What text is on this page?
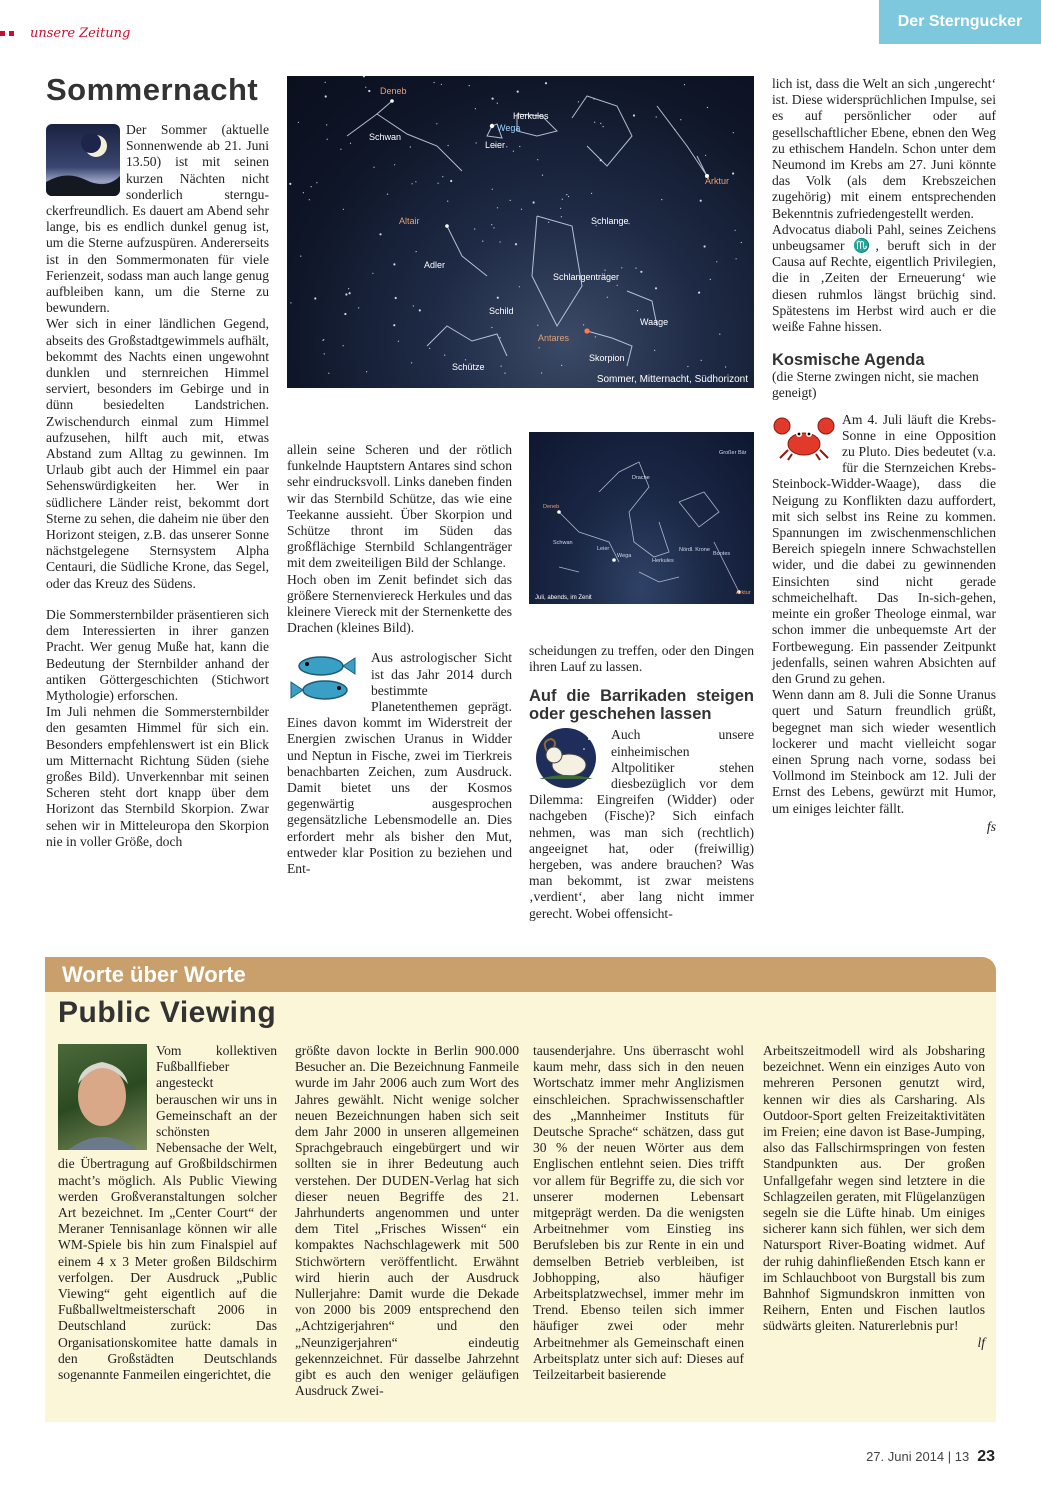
unsere Zeitung
Der Sterngucker
Sommernacht

Der Sommer (aktuelle Sonnenwende ab 21. Juni 13.50) ist mit seinen kurzen Nächten nicht sonderlich sternguckerfreundlich. Es dauert am Abend sehr lange, bis es endlich dunkel genug ist, um die Sterne aufzuspüren. Andererseits ist in den Sommermonaten für viele Ferienzeit, sodass man auch lange genug aufbleiben kann, um die Sterne zu bewundern.

Wer sich in einer ländlichen Gegend, abseits des Großstadtgewimmels aufhält, bekommt des Nachts einen ungewohnt dunklen und sternreichen Himmel serviert, besonders im Gebirge und in dünn besiedelten Landstrichen. Zwischendurch einmal zum Himmel aufzusehen, hilft auch mit, etwas Abstand zum Alltag zu gewinnen. Im Urlaub gibt auch der Himmel ein paar Sehenswürdigkeiten her. Wer in südlichere Länder reist, bekommt dort Sterne zu sehen, die daheim nie über den Horizont steigen, z.B. das unserer Sonne nächstgelegene Sternsystem Alpha Centauri, die Südliche Krone, das Segel, oder das Kreuz des Südens.

Die Sommersternbilder präsentieren sich dem Interessierten in ihrer ganzen Pracht. Wer genug Muße hat, kann die Bedeutung der Sternbilder anhand der antiken Göttergeschichten (Stichwort Mythologie) erforschen.

Im Juli nehmen die Sommersternbilder den gesamten Himmel für sich ein. Besonders empfehlenswert ist ein Blick um Mitternacht Richtung Süden (siehe großes Bild). Unverkennbar mit seinen Scheren steht dort knapp über dem Horizont das Sternbild Skorpion. Zwar sehen wir in Mitteleuropa den Skorpion nie in voller Größe, doch

Deneb
Wega
Herkules
Schwan
Leier
Arktur
Altair	Schlange
Adler
Schlangenträger
Schild
Antares
Waage
Skorpion
Schütze
Sommer, Mitternacht, Südhorizont

allein seine Scheren und der rötlich funkelnde Hauptstern Antares sind schon sehr eindrucksvoll. Links daneben finden wir das Sternbild Schütze, das wie eine Teekanne aussieht. Über Skorpion und Schütze thront im Süden das großflächige Sternbild Schlangenträger mit dem zweiteiligen Bild der Schlange.

Hoch oben im Zenit befindet sich das größere Sternenviereck Herkules und das kleinere Viereck mit der Sternenkette des Drachen (kleines Bild).

Aus astrologischer Sicht ist das Jahr 2014 durch bestimmte Planetenthemen geprägt. Eines davon kommt im Widerstreit der Energien zwischen Uranus in Widder und Neptun in Fische, zwei im Tierkreis benachbarten Zeichen, zum Ausdruck. Damit bietet uns der Kosmos gegenwärtig ausgesprochen gegensätzliche Lebensmodelle an. Dies erfordert mehr als bisher den Mut, entweder klar Position zu beziehen und Ent-

Großer Bär
Drache
Deneb
Schwan
Leier
Wega
Nördl. Krone
Bootes
Herkules
Arktur
Juli, abends, im Zenit

scheidungen zu treffen, oder den Dingen ihren Lauf zu lassen.

Auf die Barrikaden steigen oder geschehen lassen

Auch unsere einheimischen Altpolitiker stehen diesbezüglich vor dem Dilemma: Eingreifen (Widder) oder nachgeben (Fische)? Sich einfach nehmen, was man sich (rechtlich) angeeignet hat, oder (freiwillig) hergeben, was andere brauchen? Was man bekommt, ist zwar meistens ‚verdient‘, aber lang nicht immer gerecht. Wobei offensicht-

lich ist, dass die Welt an sich ‚ungerecht‘ ist. Diese widersprüchlichen Impulse, sei es auf persönlicher oder auf gesellschaftlicher Ebene, ebnen den Weg zu ethischem Handeln. Schon unter dem Neumond im Krebs am 27. Juni könnte das Volk (als dem Krebszeichen zugehörig) mit einem entsprechenden Bekenntnis zufriedengestellt werden.

Advocatus diaboli Pahl, seines Zeichens unbeugsamer ♏, beruft sich in der Causa auf Rechte, eigentlich Privilegien, die in ‚Zeiten der Erneuerung‘ wie diesen ruhmlos längst brüchig sind. Spätestens im Herbst wird auch er die weiße Fahne hissen.

Kosmische Agenda

(die Sterne zwingen nicht, sie machen geneigt)

Am 4. Juli läuft die Krebs-Sonne in eine Opposition zu Pluto. Dies bedeutet (v.a. für die Sternzeichen Krebs-Steinbock-Widder-Waage), dass die Neigung zu Konflikten dazu auffordert, mit sich selbst ins Reine zu kommen. Spannungen im zwischenmenschlichen Bereich spiegeln innere Schwachstellen wider, und die dabei zu gewinnenden Einsichten sind nicht gerade schmeichelhaft. Das In-sich-gehen, meinte ein großer Theologe einmal, war schon immer die unbequemste Art der Fortbewegung. Ein passender Zeitpunkt jedenfalls, seinen wahren Absichten auf den Grund zu gehen.

Wenn dann am 8. Juli die Sonne Uranus quert und Saturn freundlich grüßt, begegnet man sich wieder wesentlich lockerer und macht vielleicht sogar einen Sprung nach vorne, sodass bei Vollmond im Steinbock am 12. Juli der Ernst des Lebens, gewürzt mit Humor, um einiges leichter fällt.

fs

Worte über Worte
Public Viewing

Vom kollektiven Fußballfieber angesteckt berauschen wir uns in Gemeinschaft an der schönsten Nebensache der Welt, die Übertragung auf Großbildschirmen macht’s möglich. Als Public Viewing werden Großveranstaltungen solcher Art bezeichnet. Im „Center Court“ der Meraner Tennisanlage können wir alle WM-Spiele bis hin zum Finalspiel auf einem 4 x 3 Meter großen Bildschirm verfolgen. Der Ausdruck „Public Viewing“ geht eigentlich auf die Fußballweltmeisterschaft 2006 in Deutschland zurück: Das Organisationskomitee hatte damals in den Großstädten Deutschlands sogenannte Fanmeilen eingerichtet, die

größte davon lockte in Berlin 900.000 Besucher an. Die Bezeichnung Fanmeile wurde im Jahr 2006 auch zum Wort des Jahres gewählt. Nicht wenige solcher neuen Bezeichnungen haben sich seit dem Jahr 2000 in unseren allgemeinen Sprachgebrauch eingebürgert und wir sollten sie in ihrer Bedeutung auch verstehen. Der DUDEN-Verlag hat sich dieser neuen Begriffe des 21. Jahrhunderts angenommen und unter dem Titel „Frisches Wissen“ ein kompaktes Nachschlagewerk mit 500 Stichwörtern veröffentlicht. Erwähnt wird hierin auch der Ausdruck Nullerjahre: Damit wurde die Dekade von 2000 bis 2009 entsprechend den „Achtzigerjahren“ und den „Neunzigerjahren“ eindeutig gekennzeichnet. Für dasselbe Jahrzehnt gibt es auch den weniger geläufigen Ausdruck Zwei-

tausenderjahre. Uns überrascht wohl kaum mehr, dass sich in den neuen Wortschatz immer mehr Anglizismen einschleichen. Sprachwissenschaftler des „Mannheimer Instituts für Deutsche Sprache“ schätzen, dass gut 30 % der neuen Wörter aus dem Englischen entlehnt seien. Dies trifft vor allem für Begriffe zu, die sich vor unserer modernen Lebensart mitgeprägt werden. Da die wenigsten Arbeitnehmer vom Einstieg ins Berufsleben bis zur Rente in ein und demselben Betrieb verbleiben, ist Jobhopping, also häufiger Arbeitsplatzwechsel, immer mehr im Trend. Ebenso teilen sich immer häufiger zwei oder mehr Arbeitnehmer als Gemeinschaft einen Arbeitsplatz unter sich auf: Dieses auf Teilzeitarbeit basierende

Arbeitszeitmodell wird als Jobsharing bezeichnet. Wenn ein einziges Auto von mehreren Personen genutzt wird, kennen wir dies als Carsharing. Als Outdoor-Sport gelten Freizeitaktivitäten im Freien; eine davon ist Base-Jumping, also das Fallschirmspringen von festen Standpunkten aus. Der großen Unfallgefahr wegen sind letztere in die Schlagzeilen geraten, mit Flügelanzügen segeln sie die Lüfte hinab. Um einiges sicherer kann sich fühlen, wer sich dem Natursport River-Boating widmet. Auf der ruhig dahinfließenden Etsch kann er im Schlauchboot von Burgstall bis zum Bahnhof Sigmundskron inmitten von Reihern, Enten und Fischen lautlos südwärts gleiten. Naturerlebnis pur!

lf

27. Juni 2014 | 13 23
